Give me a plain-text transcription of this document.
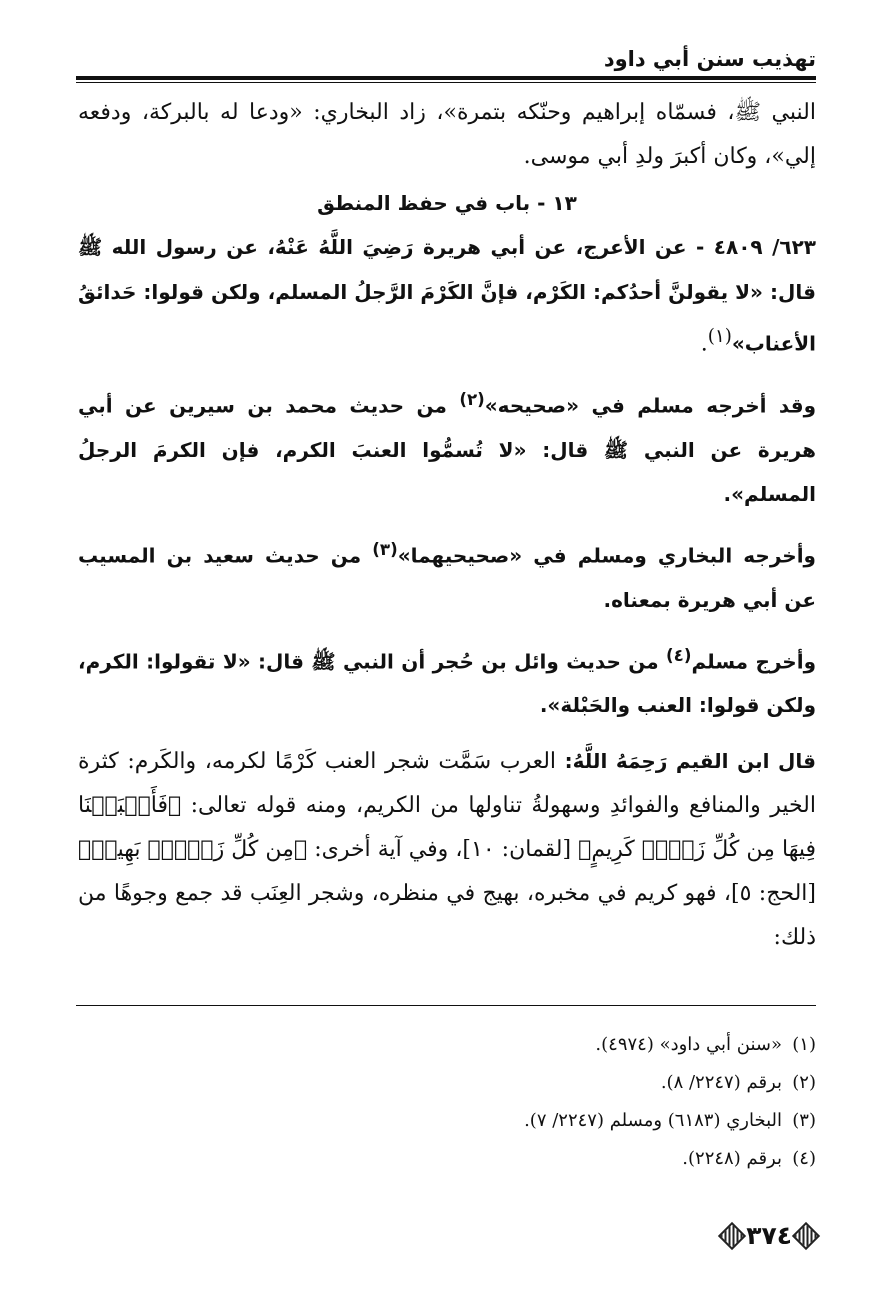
تهذيب سنن أبي داود

النبي ﷺ، فسمّاه إبراهيم وحنّكه بتمرة»، زاد البخاري: «ودعا له بالبركة، ودفعه إلي»، وكان أكبرَ ولدِ أبي موسى.

١٣ - باب في حفظ المنطق

٦٢٣/ ٤٨٠٩ - عن الأعرج، عن أبي هريرة رَضِيَ اللَّهُ عَنْهُ، عن رسول الله ﷺ قال: «لا يقولنَّ أحدُكم: الكَرْم، فإنَّ الكَرْمَ الرَّجلُ المسلم، ولكن قولوا: حَدائقُ الأعناب»$^{(١)}$.

وقد أخرجه مسلم في «صحيحه»$^{(٢)}$ من حديث محمد بن سيرين عن أبي هريرة عن النبي ﷺ قال: «لا تُسمُّوا العنبَ الكرم، فإن الكرمَ الرجلُ المسلم».

وأخرجه البخاري ومسلم في «صحيحيهما»$^{(٣)}$ من حديث سعيد بن المسيب عن أبي هريرة بمعناه.

وأخرج مسلم$^{(٤)}$ من حديث وائل بن حُجر أن النبي ﷺ قال: «لا تقولوا: الكرم، ولكن قولوا: العنب والحَبْلة».

قال ابن القيم رَحِمَهُ اللَّهُ: العرب سَمَّت شجر العنب كَرْمًا لكرمه، والكَرم: كثرة الخير والمنافع والفوائدِ وسهولةُ تناولها من الكريم، ومنه قوله تعالى: ﴿فَأَنۢبَتۡنَا فِيهَا مِن كُلِّ زَوۡجٖ كَرِيمٍ﴾ [لقمان: ١٠]، وفي آية أخرى: ﴿مِن كُلِّ زَوۡجِۭ بَهِيجٖ﴾ [الحج: ٥]، فهو كريم في مخبره، بهيج في منظره، وشجر العِنَب قد جمع وجوهًا من ذلك:

(١)«سنن أبي داود» (٤٩٧٤).

(٢)برقم (٢٢٤٧/ ٨).

(٣)البخاري (٦١٨٣) ومسلم (٢٢٤٧/ ٧).

(٤)برقم (٢٢٤٨).

٣٧٤
